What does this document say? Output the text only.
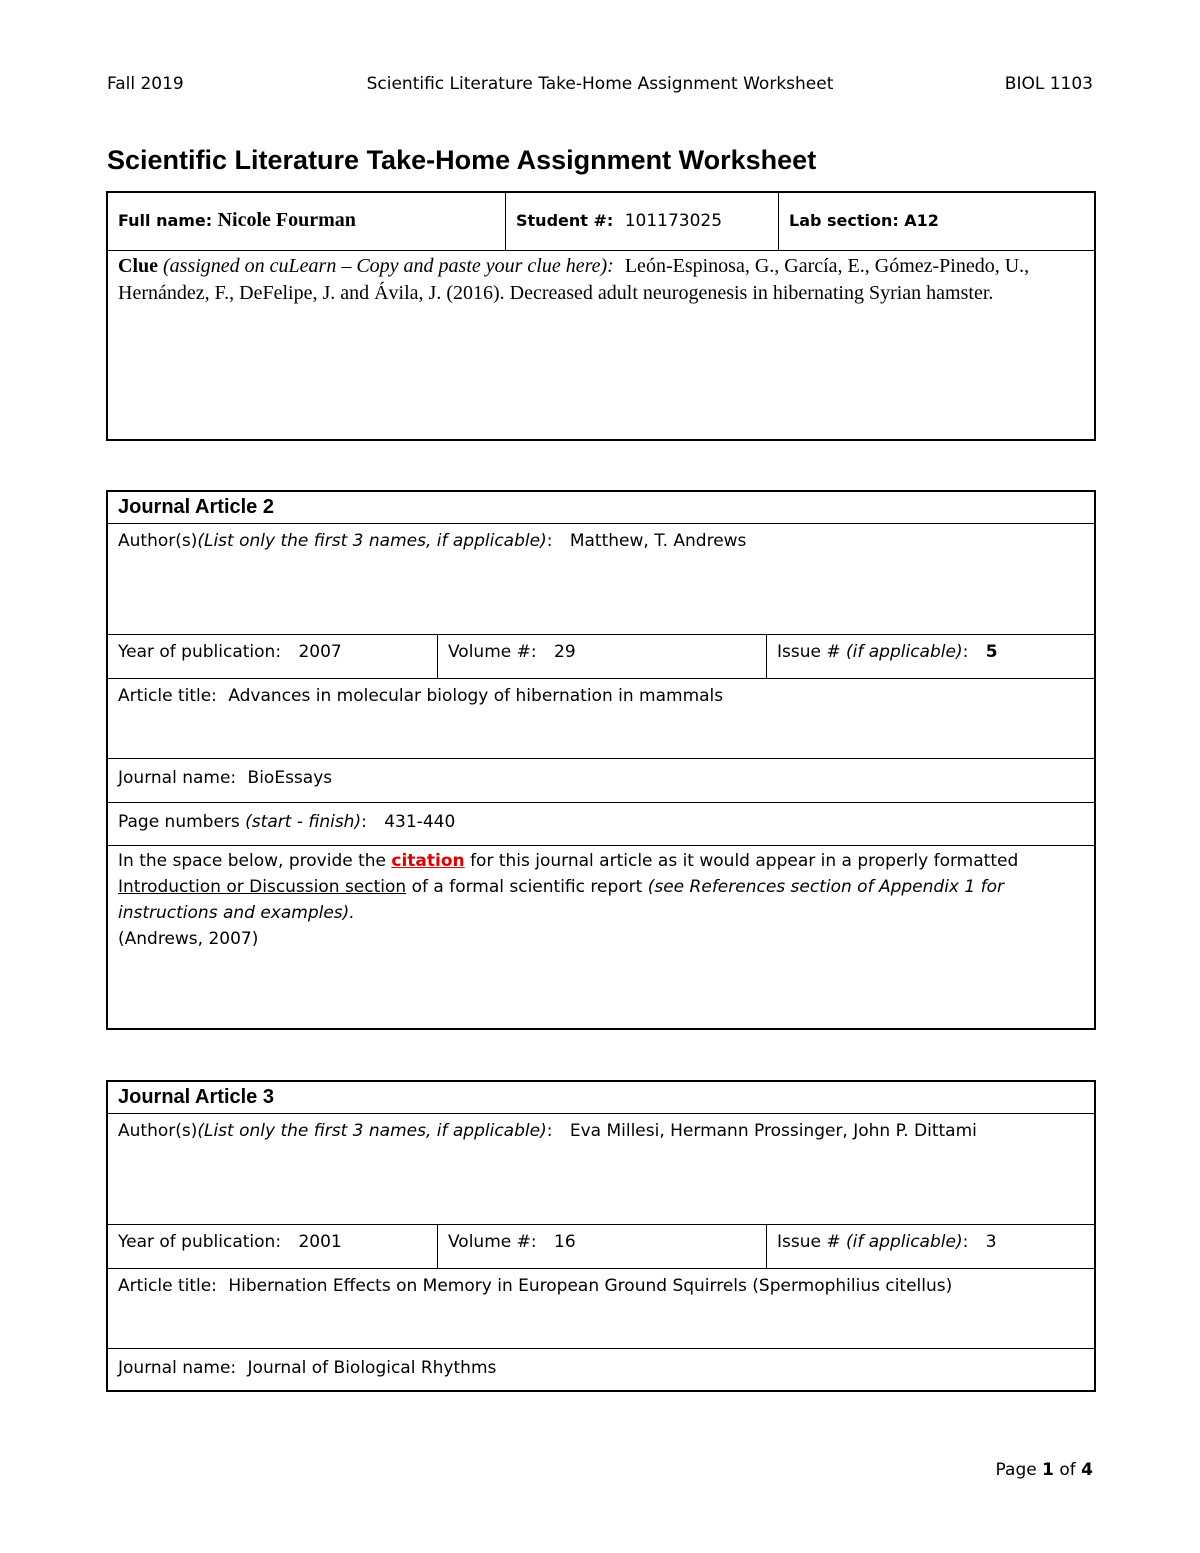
Fall 2019	Scientific Literature Take-Home Assignment Worksheet	BIOL 1103
Scientific Literature Take-Home Assignment Worksheet
Full name: Nicole Fourman	Student #: 101173025	Lab section: A12
Clue (assigned on cuLearn – Copy and paste your clue here): León-Espinosa, G., García, E., Gómez-Pinedo, U., Hernández, F., DeFelipe, J. and Ávila, J. (2016). Decreased adult neurogenesis in hibernating Syrian hamster.
Journal Article 2
Author(s)(List only the first 3 names, if applicable): Matthew, T. Andrews
Year of publication: 2007	Volume #: 29	Issue # (if applicable): 5
Article title: Advances in molecular biology of hibernation in mammals
Journal name: BioEssays
Page numbers (start - finish): 431-440
In the space below, provide the citation for this journal article as it would appear in a properly formatted Introduction or Discussion section of a formal scientific report (see References section of Appendix 1 for instructions and examples).
(Andrews, 2007)
Journal Article 3
Author(s)(List only the first 3 names, if applicable): Eva Millesi, Hermann Prossinger, John P. Dittami
Year of publication: 2001	Volume #: 16	Issue # (if applicable): 3
Article title: Hibernation Effects on Memory in European Ground Squirrels (Spermophilius citellus)
Journal name: Journal of Biological Rhythms
Page 1 of 4
